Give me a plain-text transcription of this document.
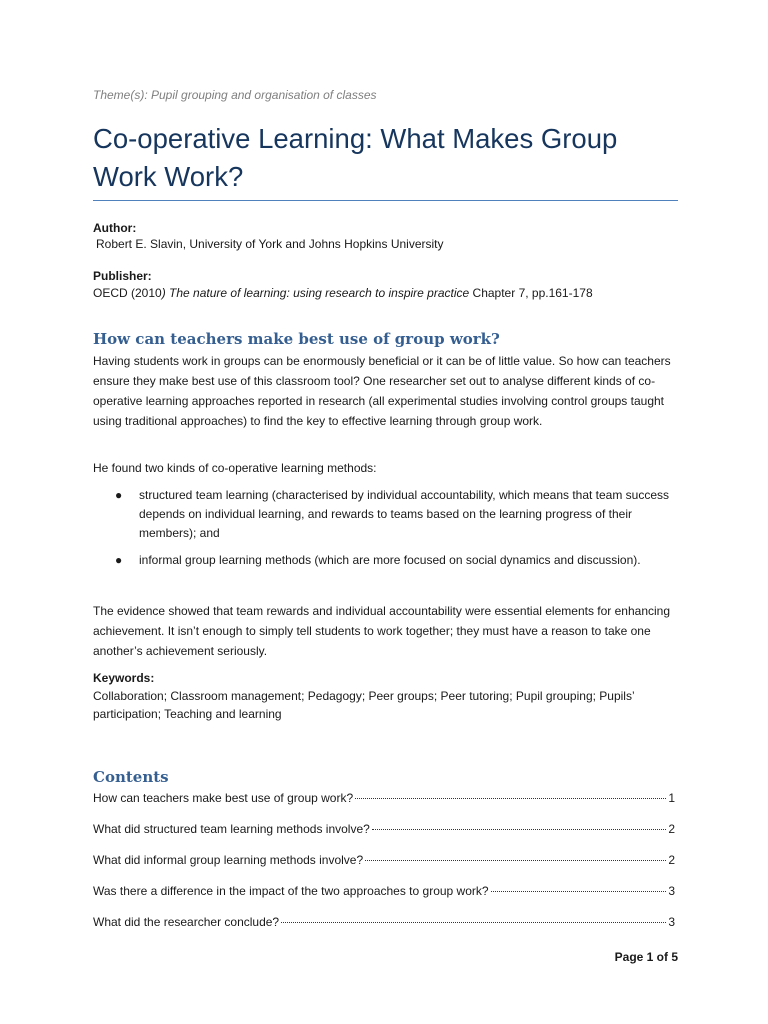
Theme(s): Pupil grouping and organisation of classes
Co-operative Learning: What Makes Group Work Work?
Author:
Robert E. Slavin, University of York and Johns Hopkins University
Publisher:
OECD (2010) The nature of learning: using research to inspire practice Chapter 7, pp.161-178
How can teachers make best use of group work?

Having students work in groups can be enormously beneficial or it can be of little value. So how can teachers ensure they make best use of this classroom tool? One researcher set out to analyse different kinds of co-operative learning approaches reported in research (all experimental studies involving control groups taught using traditional approaches) to find the key to effective learning through group work.

He found two kinds of co-operative learning methods:

● structured team learning (characterised by individual accountability, which means that team success depends on individual learning, and rewards to teams based on the learning progress of their members); and
● informal group learning methods (which are more focused on social dynamics and discussion).

The evidence showed that team rewards and individual accountability were essential elements for enhancing achievement. It isn’t enough to simply tell students to work together; they must have a reason to take one another’s achievement seriously.

Keywords:
Collaboration; Classroom management; Pedagogy; Peer groups; Peer tutoring; Pupil grouping; Pupils’ participation; Teaching and learning
Contents
How can teachers make best use of group work?	1
What did structured team learning methods involve?	2
What did informal group learning methods involve?	2
Was there a difference in the impact of the two approaches to group work?	3
What did the researcher conclude?	3
Page 1 of 5
